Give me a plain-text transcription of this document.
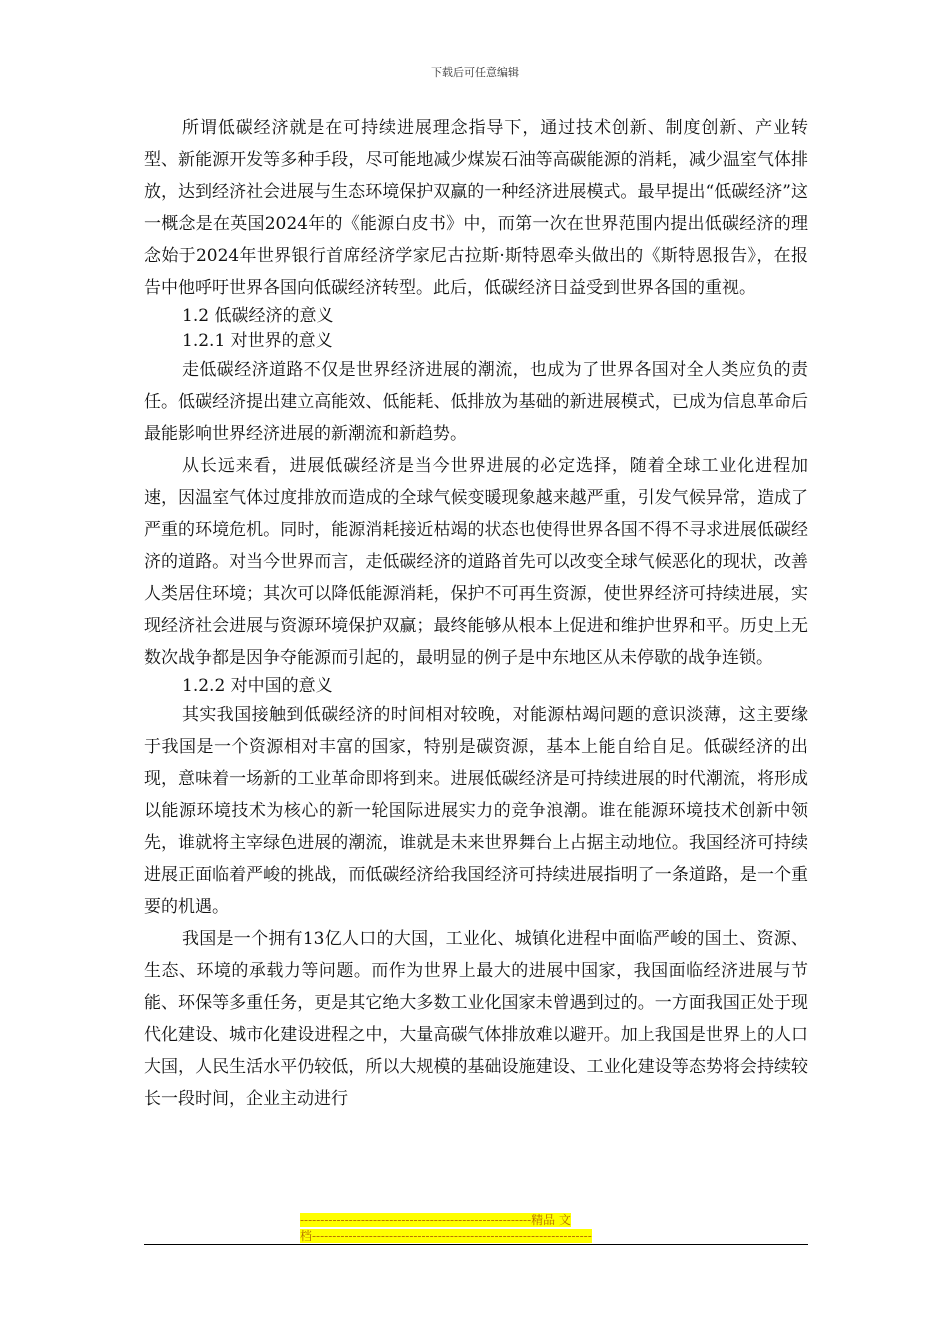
下载后可任意编辑

所谓低碳经济就是在可持续进展理念指导下，通过技术创新、制度创新、产业转型、新能源开发等多种手段，尽可能地减少煤炭石油等高碳能源的消耗，减少温室气体排放，达到经济社会进展与生态环境保护双赢的一种经济进展模式。最早提出“低碳经济”这一概念是在英国2024年的《能源白皮书》中，而第一次在世界范围内提出低碳经济的理念始于2024年世界银行首席经济学家尼古拉斯·斯特恩牵头做出的《斯特恩报告》，在报告中他呼吁世界各国向低碳经济转型。此后，低碳经济日益受到世界各国的重视。

1.2 低碳经济的意义

1.2.1 对世界的意义

走低碳经济道路不仅是世界经济进展的潮流，也成为了世界各国对全人类应负的责任。低碳经济提出建立高能效、低能耗、低排放为基础的新进展模式，已成为信息革命后最能影响世界经济进展的新潮流和新趋势。

从长远来看，进展低碳经济是当今世界进展的必定选择，随着全球工业化进程加速，因温室气体过度排放而造成的全球气候变暖现象越来越严重，引发气候异常，造成了严重的环境危机。同时，能源消耗接近枯竭的状态也使得世界各国不得不寻求进展低碳经济的道路。对当今世界而言，走低碳经济的道路首先可以改变全球气候恶化的现状，改善人类居住环境；其次可以降低能源消耗，保护不可再生资源，使世界经济可持续进展，实现经济社会进展与资源环境保护双赢；最终能够从根本上促进和维护世界和平。历史上无数次战争都是因争夺能源而引起的，最明显的例子是中东地区从未停歇的战争连锁。

1.2.2 对中国的意义

其实我国接触到低碳经济的时间相对较晚，对能源枯竭问题的意识淡薄，这主要缘于我国是一个资源相对丰富的国家，特别是碳资源，基本上能自给自足。低碳经济的出现，意味着一场新的工业革命即将到来。进展低碳经济是可持续进展的时代潮流，将形成以能源环境技术为核心的新一轮国际进展实力的竞争浪潮。谁在能源环境技术创新中领先，谁就将主宰绿色进展的潮流，谁就是未来世界舞台上占据主动地位。我国经济可持续进展正面临着严峻的挑战，而低碳经济给我国经济可持续进展指明了一条道路，是一个重要的机遇。

我国是一个拥有13亿人口的大国，工业化、城镇化进程中面临严峻的国土、资源、生态、环境的承载力等问题。而作为世界上最大的进展中国家，我国面临经济进展与节能、环保等多重任务，更是其它绝大多数工业化国家未曾遇到过的。一方面我国正处于现代化建设、城市化建设进程之中，大量高碳气体排放难以避开。加上我国是世界上的人口大国，人民生活水平仍较低，所以大规模的基础设施建设、工业化建设等态势将会持续较长一段时间，企业主动进行

---------------------------------------------------------精品 文
档---------------------------------------------------------------------
